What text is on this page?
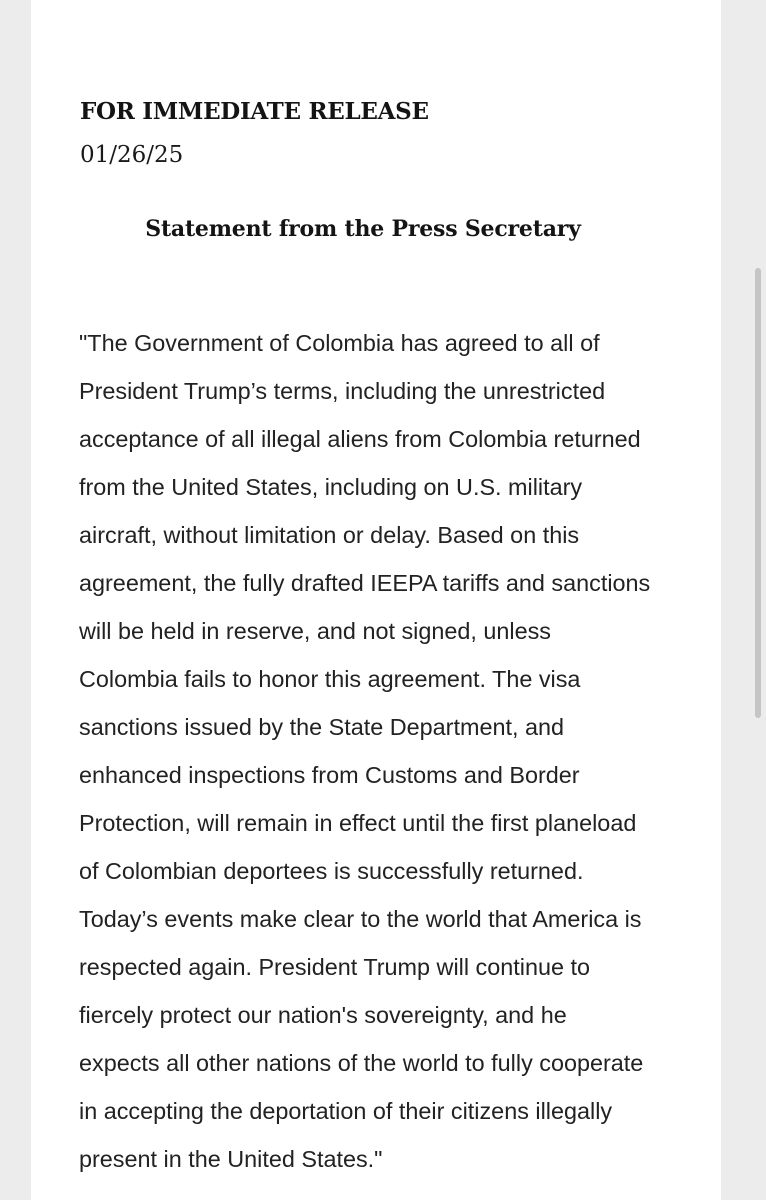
FOR IMMEDIATE RELEASE
01/26/25
Statement from the Press Secretary
"The Government of Colombia has agreed to all of
President Trump’s terms, including the unrestricted
acceptance of all illegal aliens from Colombia returned
from the United States, including on U.S. military
aircraft, without limitation or delay. Based on this
agreement, the fully drafted IEEPA tariffs and sanctions
will be held in reserve, and not signed, unless
Colombia fails to honor this agreement. The visa
sanctions issued by the State Department, and
enhanced inspections from Customs and Border
Protection, will remain in effect until the first planeload
of Colombian deportees is successfully returned.
Today’s events make clear to the world that America is
respected again. President Trump will continue to
fiercely protect our nation's sovereignty, and he
expects all other nations of the world to fully cooperate
in accepting the deportation of their citizens illegally
present in the United States."
